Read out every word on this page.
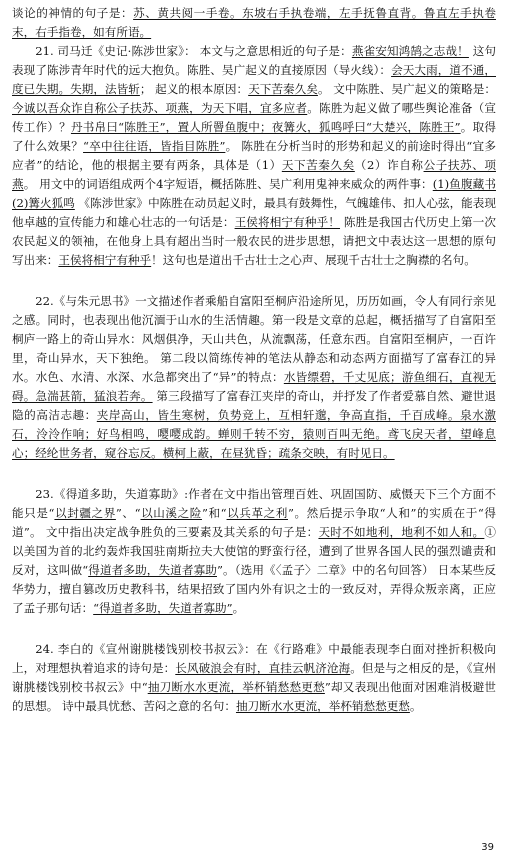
谈论的神情的句子是：苏、黄共阅一手卷。东坡右手执卷端，左手抚鲁直背。鲁直左手执卷末，右手指卷，如有所语。

21. 司马迁《史记·陈涉世家》： 本文与之意思相近的句子是：燕雀安知鸿鹄之志哉！ 这句表现了陈涉青年时代的远大抱负。陈胜、吴广起义的直接原因（导火线）：会天大雨，道不通，度已失期。失期，法皆斩； 起义的根本原因：天下苦秦久矣。 文中陈胜、吴广起义的策略是：今诚以吾众诈自称公子扶苏、项燕，为天下唱，宜多应者。陈胜为起义做了哪些舆论准备（宣传工作）？丹书帛曰“陈胜王”，置人所罾鱼腹中；夜篝火，狐鸣呼曰“大楚兴，陈胜王”。取得了什么效果？“卒中往往语，皆指目陈胜”。 陈胜在分析当时的形势和起义的前途时得出“宜多应者”的结论，他的根据主要有两条，具体是（1）天下苦秦久矣（2）诈自称公子扶苏、项燕。 用文中的词语组成两个4字短语，概括陈胜、吴广利用鬼神来威众的两件事：(1)鱼腹藏书(2)篝火狐鸣 《陈涉世家》中陈胜在动员起义时，最具有鼓舞性，气魄雄伟、扣人心弦，能表现他卓越的宣传能力和雄心壮志的一句话是：王侯将相宁有种乎！ 陈胜是我国古代历史上第一次农民起义的领袖，在他身上具有超出当时一般农民的进步思想，请把文中表达这一思想的原句写出来：王侯将相宁有种乎！这句也是道出千古壮士之心声、展现千古壮士之胸襟的名句。

22.《与朱元思书》一文描述作者乘船自富阳至桐庐沿途所见，历历如画，令人有同行亲见之感。同时，也表现出他沉湎于山水的生活情趣。第一段是文章的总起，概括描写了自富阳至桐庐一路上的奇山异水：风烟俱净，天山共色，从流飘荡，任意东西。自富阳至桐庐，一百许里，奇山异水，天下独绝。 第二段以简练传神的笔法从静态和动态两方面描写了富春江的异水。水色、水清、水深、水急都突出了“异”的特点：水皆缥碧，千丈见底；游鱼细石，直视无碍。急湍甚箭，猛浪若奔。 第三段描写了富春江夹岸的奇山，并抒发了作者爱慕自然、避世退隐的高洁志趣：夹岸高山，皆生寒树，负势竞上，互相轩邈，争高直指，千百成峰。泉水激石，泠泠作响；好鸟相鸣，嘤嘤成韵。蝉则千转不穷，猿则百叫无绝。鸢飞戾天者，望峰息心；经纶世务者，窥谷忘反。横柯上蔽，在昼犹昏；疏条交映，有时见日。

23.《得道多助，失道寡助》:作者在文中指出管理百姓、巩固国防、威慑天下三个方面不能只是“以封疆之界”、“以山溪之险”和“以兵革之利”。然后提示争取“人和”的实质在于“得道”。 文中指出决定战争胜负的三要素及其关系的句子是：天时不如地利，地利不如人和。①以美国为首的北约轰炸我国驻南斯拉夫大使馆的野蛮行径，遭到了世界各国人民的强烈谴责和反对，这叫做“得道者多助，失道者寡助”。（选用《〈孟子〉二章》中的名句回答） 日本某些反华势力，擅自篡改历史教科书，结果招致了国内外有识之士的一致反对，弄得众叛亲离，正应了孟子那句话：“得道者多助，失道者寡助”。

24. 李白的《宣州谢朓楼饯别校书叔云》：在《行路难》中最能表现李白面对挫折积极向上，对理想执着追求的诗句是：长风破浪会有时，直挂云帆济沧海。但是与之相反的是，《宣州谢朓楼饯别校书叔云》中“抽刀断水水更流，举杯销愁愁更愁”却又表现出他面对困难消极避世的思想。 诗中最具忧愁、苦闷之意的名句：抽刀断水水更流，举杯销愁愁更愁。

39
